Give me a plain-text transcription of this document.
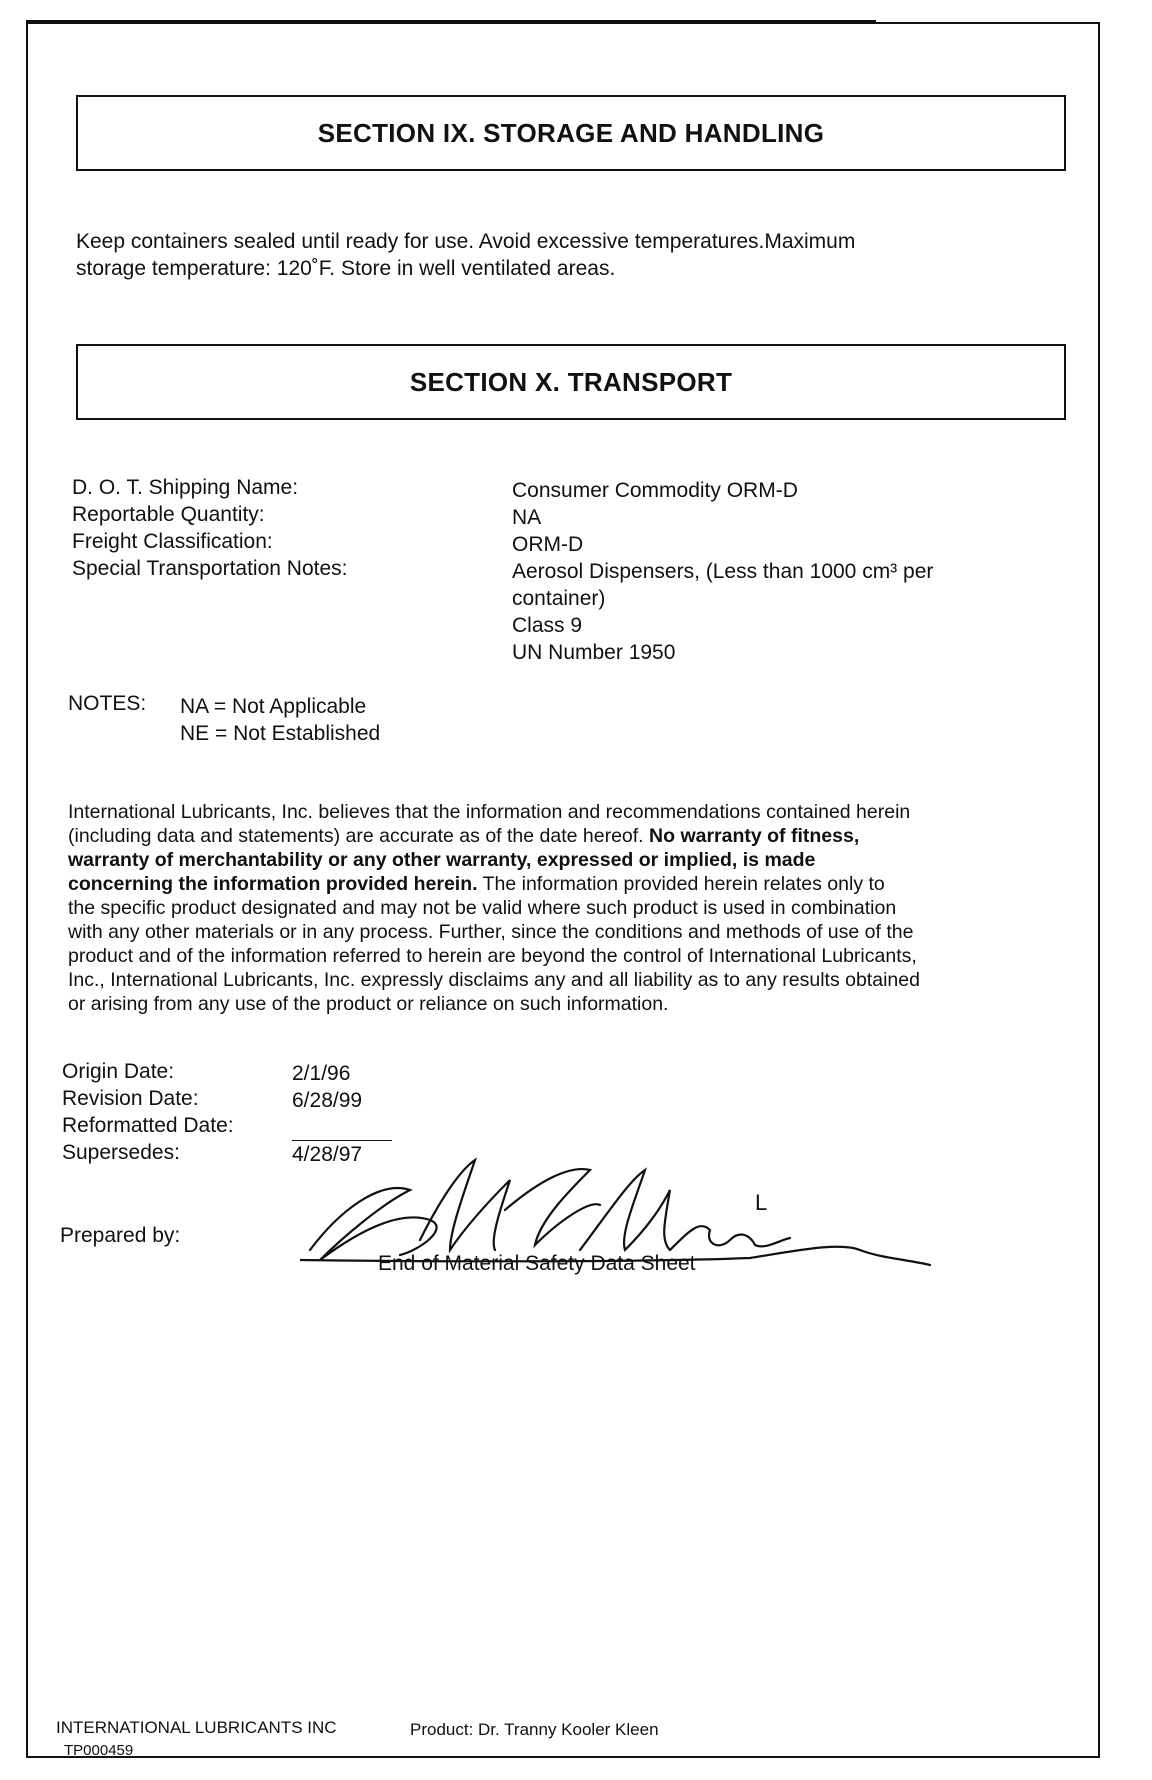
SECTION IX. STORAGE AND HANDLING
Keep containers sealed until ready for use. Avoid excessive temperatures.Maximum
storage temperature: 120˚F. Store in well ventilated areas.
SECTION X. TRANSPORT
D. O. T. Shipping Name:
Reportable Quantity:
Freight Classification:
Special Transportation Notes:
Consumer Commodity ORM-D
NA
ORM-D
Aerosol Dispensers, (Less than 1000 cm³ per
container)
Class 9
UN Number 1950
NOTES: NA = Not Applicable
NE = Not Established
International Lubricants, Inc. believes that the information and recommendations contained herein
(including data and statements) are accurate as of the date hereof. No warranty of fitness,
warranty of merchantability or any other warranty, expressed or implied, is made
concerning the information provided herein. The information provided herein relates only to
the specific product designated and may not be valid where such product is used in combination
with any other materials or in any process. Further, since the conditions and methods of use of the
product and of the information referred to herein are beyond the control of International Lubricants,
Inc., International Lubricants, Inc. expressly disclaims any and all liability as to any results obtained
or arising from any use of the product or reliance on such information.
Origin Date:
Revision Date:
Reformatted Date:
Supersedes:
2/1/96
6/28/99
4/28/97
Prepared by:
L
End of Material Safety Data Sheet
INTERNATIONAL LUBRICANTS INC	Product: Dr. Tranny Kooler Kleen
TP000459
